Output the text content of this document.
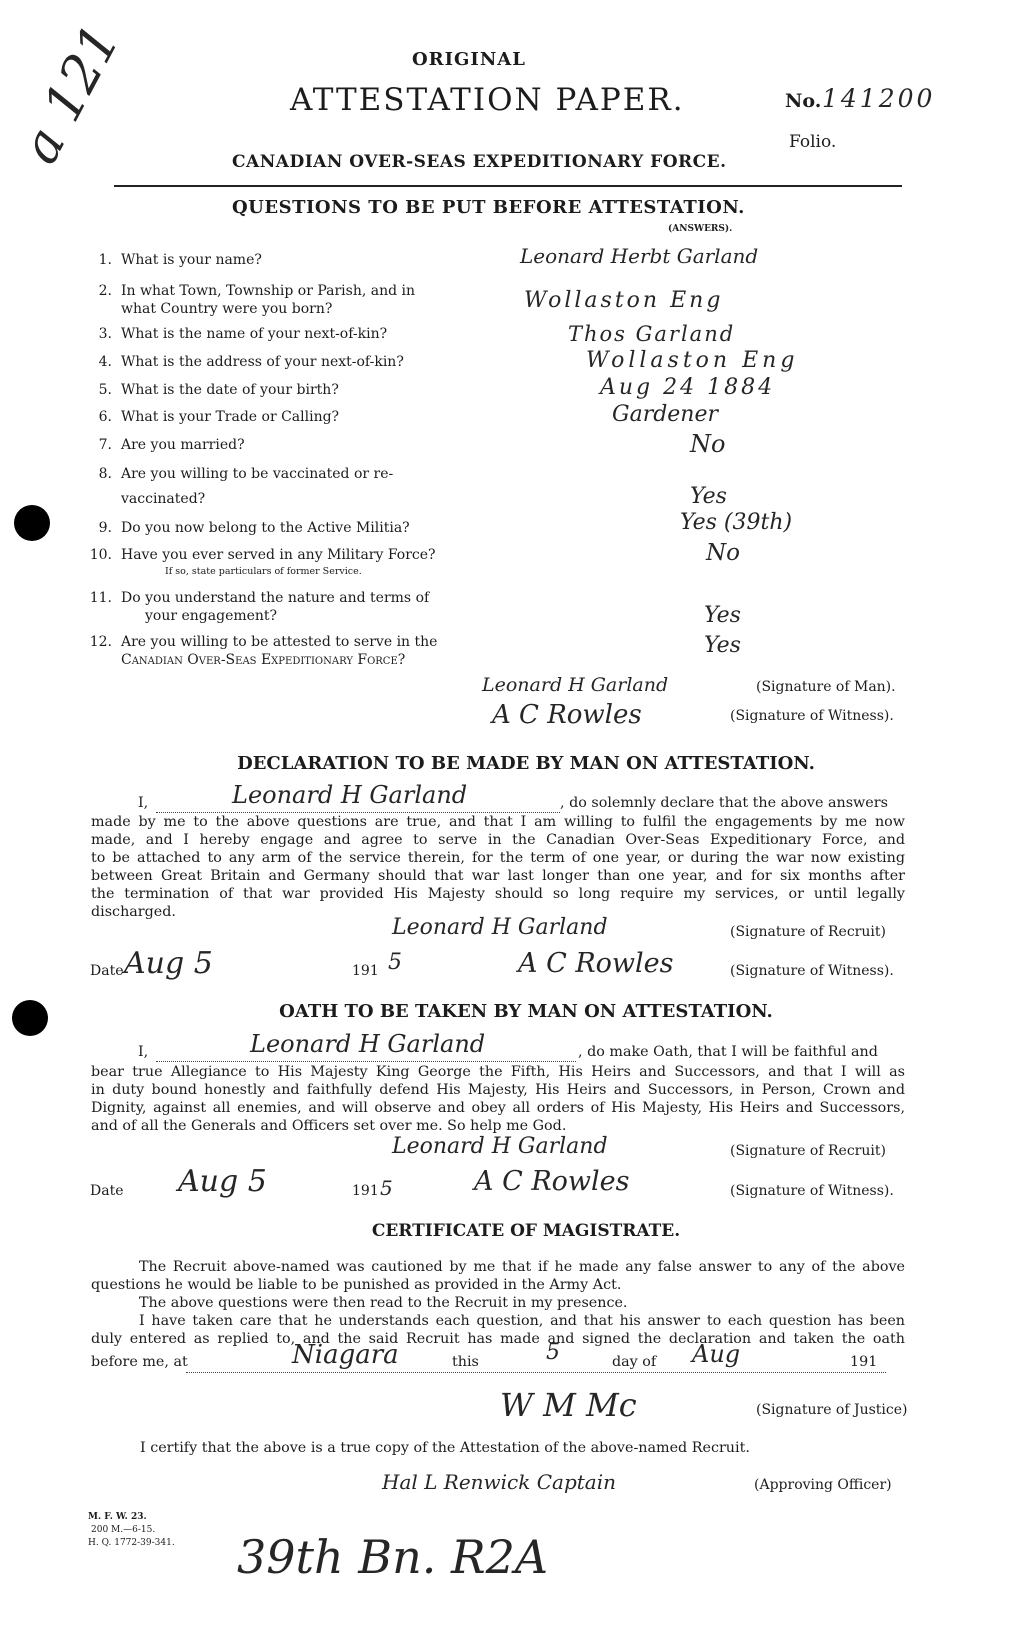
a 121	ORIGINAL
ATTESTATION PAPER.	No. 141200
Folio.
CANADIAN OVER-SEAS EXPEDITIONARY FORCE.
QUESTIONS TO BE PUT BEFORE ATTESTATION.
(ANSWERS).
1. What is your name?	Leonard Herbt Garland
2. In what Town, Township or Parish, and in
what Country were you born?	Wollaston Eng
3. What is the name of your next-of-kin?	Thos Garland
4. What is the address of your next-of-kin?	Wollaston Eng
5. What is the date of your birth?	Aug 24 1884
6. What is your Trade or Calling?	Gardener
7. Are you married?	No
8. Are you willing to be vaccinated or re-
vaccinated?	Yes
9. Do you now belong to the Active Militia?	Yes (39th)
10. Have you ever served in any Military Force?
If so, state particulars of former Service.
No
11. Do you understand the nature and terms of
your engagement?	Yes
12. Are you willing to be attested to serve in the
Canadian Over-Seas Expeditionary Force?
Yes
Leonard H Garland	(Signature of Man).
A C Rowles	(Signature of Witness).
DECLARATION TO BE MADE BY MAN ON ATTESTATION.
I,	Leonard H Garland	, do solemnly declare that the above answers
made by me to the above questions are true, and that I am willing to fulfil the engagements by me now
made, and I hereby engage and agree to serve in the Canadian Over-Seas Expeditionary Force, and
to be attached to any arm of the service therein, for the term of one year, or during the war now existing
between Great Britain and Germany should that war last longer than one year, and for six months after
the termination of that war provided His Majesty should so long require my services, or until legally
discharged.
Leonard H Garland	(Signature of Recruit)
Date Aug 5	191 5	A C Rowles	(Signature of Witness).
OATH TO BE TAKEN BY MAN ON ATTESTATION.
I,	Leonard H Garland	, do make Oath, that I will be faithful and
bear true Allegiance to His Majesty King George the Fifth, His Heirs and Successors, and that I will as
in duty bound honestly and faithfully defend His Majesty, His Heirs and Successors, in Person, Crown and
Dignity, against all enemies, and will observe and obey all orders of His Majesty, His Heirs and Successors,
and of all the Generals and Officers set over me. So help me God.
Leonard H Garland	(Signature of Recruit)
Date Aug 5	191 5	A C Rowles	(Signature of Witness).
CERTIFICATE OF MAGISTRATE.
The Recruit above-named was cautioned by me that if he made any false answer to any of the above
questions he would be liable to be punished as provided in the Army Act.
The above questions were then read to the Recruit in my presence.
I have taken care that he understands each question, and that his answer to each question has been
duly entered as replied to, and the said Recruit has made and signed the declaration and taken the oath
before me, at	Niagara	this	5	day of Aug	191
W M Mc	(Signature of Justice)
I certify that the above is a true copy of the Attestation of the above-named Recruit.
Hal L Renwick Captain	(Approving Officer)
M. F. W. 23.
200 M.—6-15.
H. Q. 1772-39-341. 39th Bn. R2A
